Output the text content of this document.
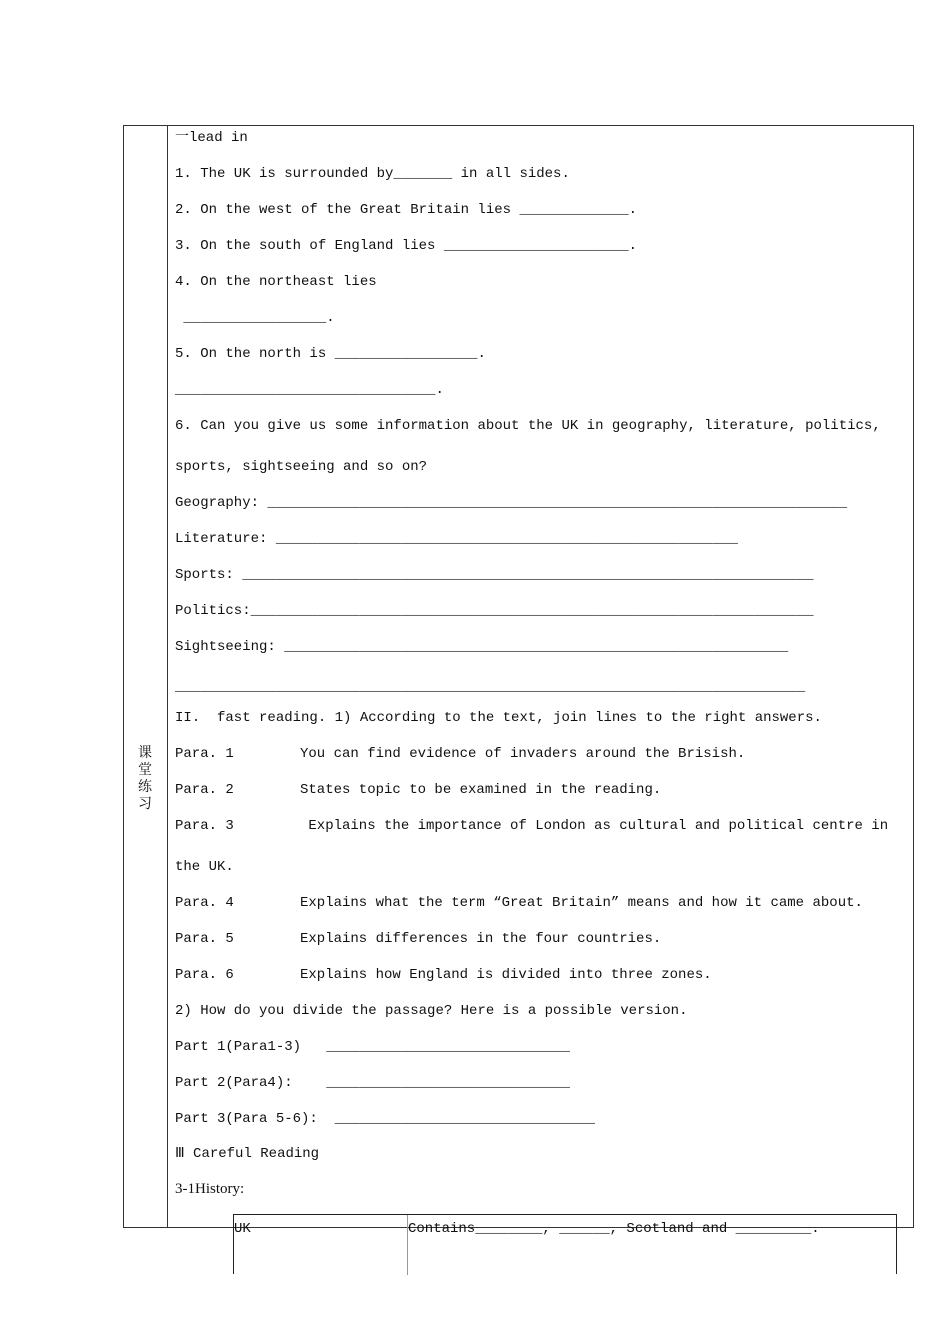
课堂练习
一lead in
1. The UK is surrounded by_______ in all sides.
2. On the west of the Great Britain lies _____________.
3. On the south of England lies ______________________.
4. On the northeast lies
_________________.
5. On the north is _________________.
_______________________________.
6. Can you give us some information about the UK in geography, literature, politics,
sports, sightseeing and so on?
Geography: _____________________________________________________________________
Literature: _______________________________________________________
Sports: ____________________________________________________________________
Politics:___________________________________________________________________
Sightseeing: ____________________________________________________________
___________________________________________________________________________
II.  fast reading. 1) According to the text, join lines to the right answers.
Para. 1	You can find evidence of invaders around the Brisish.
Para. 2	States topic to be examined in the reading.
Para. 3	Explains the importance of London as cultural and political centre in
the UK.
Para. 4	Explains what the term “Great Britain” means and how it came about.
Para. 5	Explains differences in the four countries.
Para. 6	Explains how England is divided into three zones.
2) How do you divide the passage? Here is a possible version.
Part 1(Para1-3)   _____________________________
Part 2(Para4):    _____________________________
Part 3(Para 5-6):  _______________________________
Ⅲ Careful Reading
3-1History:
UK	Contains________, ______, Scotland and _________.
